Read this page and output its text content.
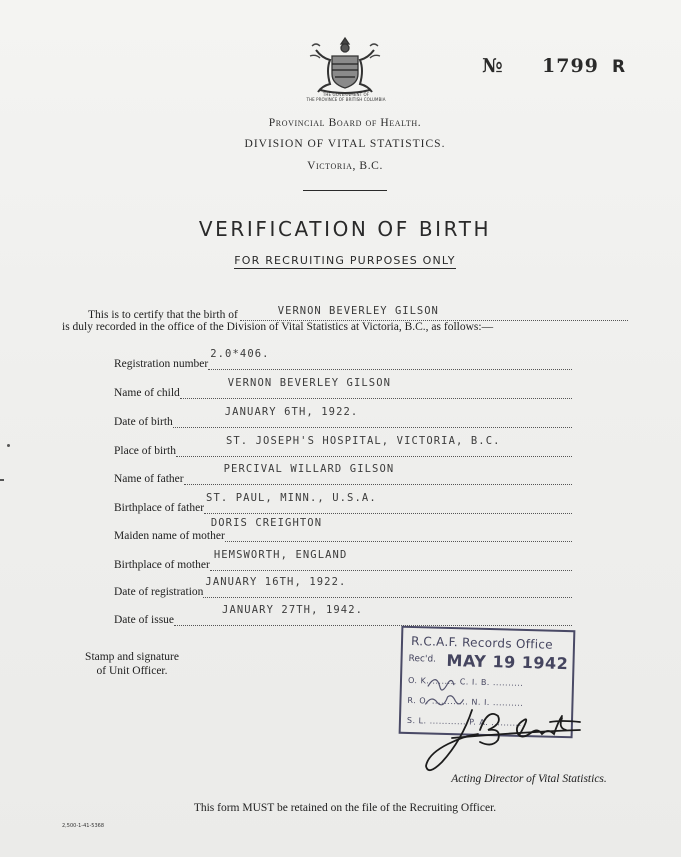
THE GOVERNMENT OF
THE PROVINCE OF BRITISH COLUMBIA
№	1799 R
Provincial Board of Health.
DIVISION OF VITAL STATISTICS.
Victoria, B.C.
VERIFICATION OF BIRTH
FOR RECRUITING PURPOSES ONLY
This is to certify that the birth of	VERNON BEVERLEY GILSON
is duly recorded in the office of the Division of Vital Statistics at Victoria, B.C., as follows:—
Registration number
2.0*406.
Name of child
VERNON BEVERLEY GILSON
Date of birth
JANUARY 6TH, 1922.
Place of birth
ST. JOSEPH'S HOSPITAL, VICTORIA, B.C.
Name of father
PERCIVAL WILLARD GILSON
Birthplace of father
ST. PAUL, MINN., U.S.A.
Maiden name of mother
DORIS CREIGHTON
Birthplace of mother
HEMSWORTH, ENGLAND
Date of registration
JANUARY 16TH, 1922.
Date of issue
JANUARY 27TH, 1942.
Stamp and signature
of Unit Officer.
R.C.A.F. Records Office
Rec'd. MAY 19 1942
O. K. ........ C. I. B. ..........
R. O. ............ N. I. ..........
S. L. ............ P. A. ..........
Acting Director of Vital Statistics.
This form MUST be retained on the file of the Recruiting Officer.
2,500-1-41-5368
